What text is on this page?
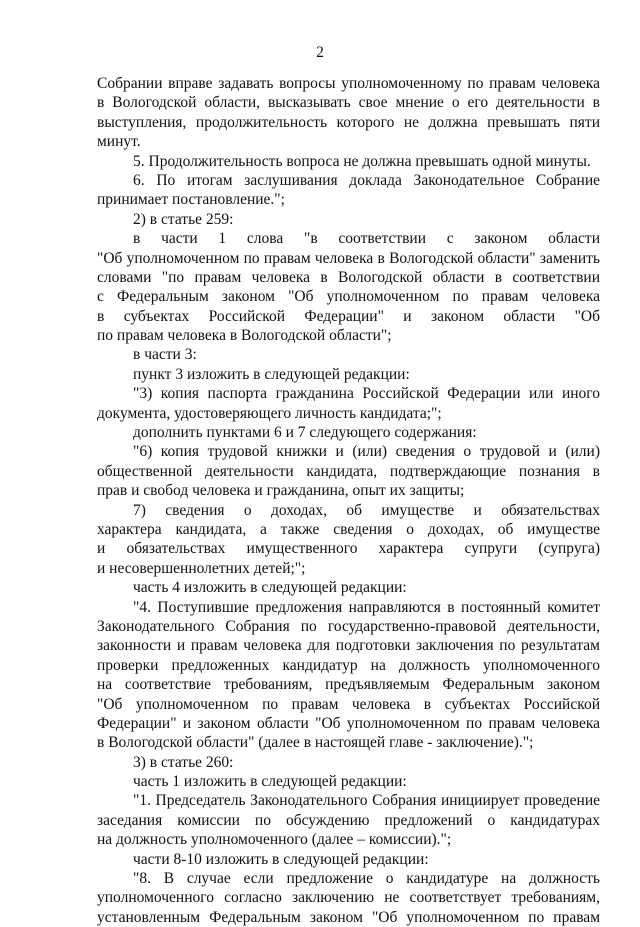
2
Собрании вправе задавать вопросы уполномоченному по правам человека
в Вологодской области, высказывать свое мнение о его деятельности в
выступления, продолжительность которого не должна превышать пяти
минут.
5. Продолжительность вопроса не должна превышать одной минуты.
6. По итогам заслушивания доклада Законодательное Собрание
принимает постановление.";
2) в статье 259:
в части 1 слова "в соответствии с законом области
"Об уполномоченном по правам человека в Вологодской области" заменить
словами "по правам человека в Вологодской области в соответствии
с Федеральным законом "Об уполномоченном по правам человека
в субъектах Российской Федерации" и законом области "Об
по правам человека в Вологодской области";
в части 3:
пункт 3 изложить в следующей редакции:
"3) копия паспорта гражданина Российской Федерации или иного
документа, удостоверяющего личность кандидата;";
дополнить пунктами 6 и 7 следующего содержания:
"6) копия трудовой книжки и (или) сведения о трудовой и (или)
общественной деятельности кандидата, подтверждающие познания в
прав и свобод человека и гражданина, опыт их защиты;
7) сведения о доходах, об имуществе и обязательствах
характера кандидата, а также сведения о доходах, об имуществе
и обязательствах имущественного характера супруги (супруга)
и несовершеннолетних детей;";
часть 4 изложить в следующей редакции:
"4. Поступившие предложения направляются в постоянный комитет
Законодательного Собрания по государственно-правовой деятельности,
законности и правам человека для подготовки заключения по результатам
проверки предложенных кандидатур на должность уполномоченного
на соответствие требованиям, предъявляемым Федеральным законом
"Об уполномоченном по правам человека в субъектах Российской
Федерации" и законом области "Об уполномоченном по правам человека
в Вологодской области" (далее в настоящей главе - заключение).";
3) в статье 260:
часть 1 изложить в следующей редакции:
"1. Председатель Законодательного Собрания инициирует проведение
заседания комиссии по обсуждению предложений о кандидатурах
на должность уполномоченного (далее – комиссии).";
части 8-10 изложить в следующей редакции:
"8. В случае если предложение о кандидатуре на должность
уполномоченного согласно заключению не соответствует требованиям,
установленным Федеральным законом "Об уполномоченном по правам
